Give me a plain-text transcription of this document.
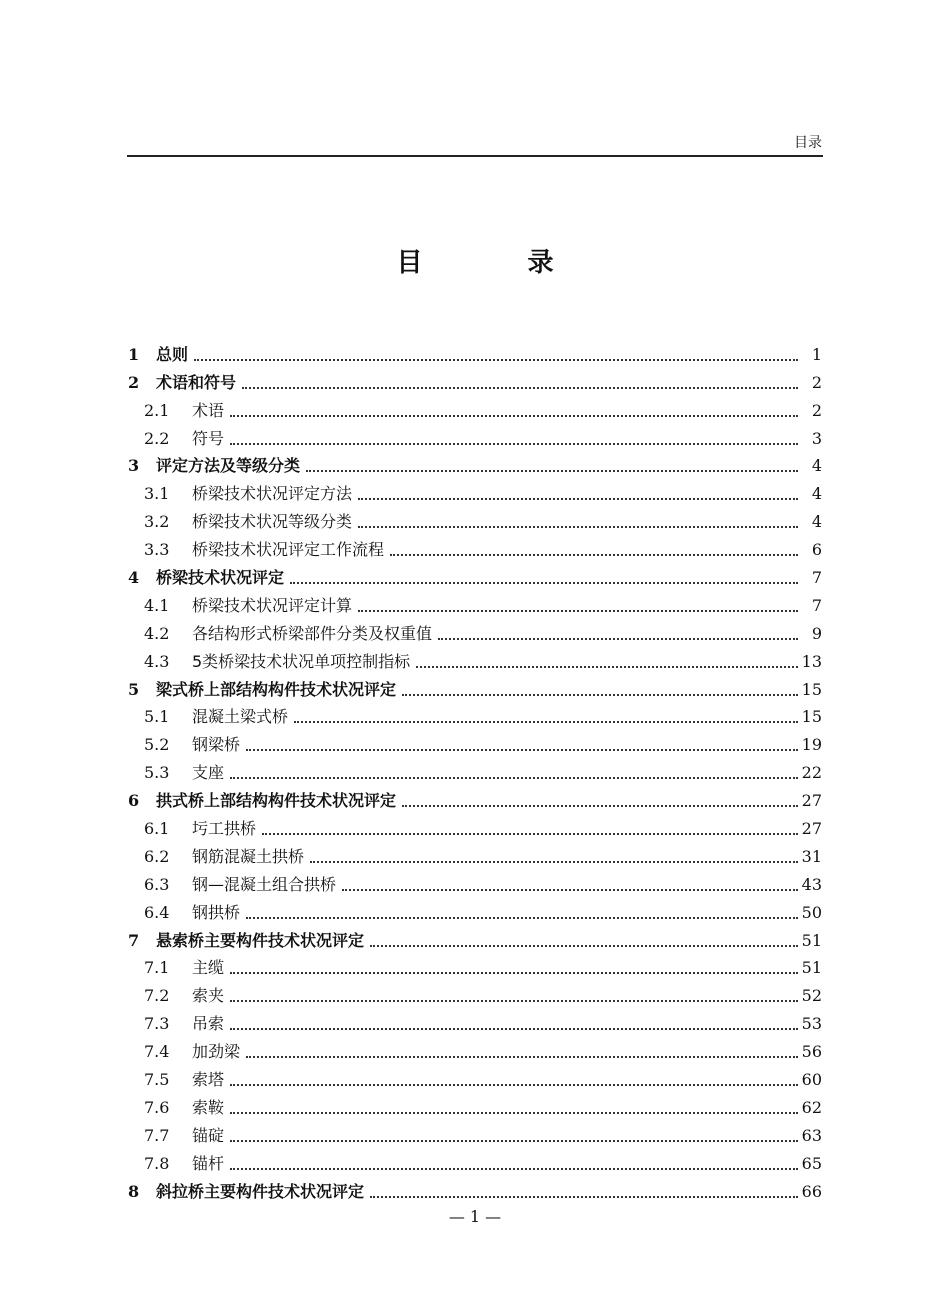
目录
目 录
1	总则	1
2	术语和符号	2
2.1	术语	2
2.2	符号	3
3	评定方法及等级分类	4
3.1	桥梁技术状况评定方法	4
3.2	桥梁技术状况等级分类	4
3.3	桥梁技术状况评定工作流程	6
4	桥梁技术状况评定	7
4.1	桥梁技术状况评定计算	7
4.2	各结构形式桥梁部件分类及权重值	9
4.3	5类桥梁技术状况单项控制指标	13
5	梁式桥上部结构构件技术状况评定	15
5.1	混凝土梁式桥	15
5.2	钢梁桥	19
5.3	支座	22
6	拱式桥上部结构构件技术状况评定	27
6.1	圬工拱桥	27
6.2	钢筋混凝土拱桥	31
6.3	钢—混凝土组合拱桥	43
6.4	钢拱桥	50
7	悬索桥主要构件技术状况评定	51
7.1	主缆	51
7.2	索夹	52
7.3	吊索	53
7.4	加劲梁	56
7.5	索塔	60
7.6	索鞍	62
7.7	锚碇	63
7.8	锚杆	65
8	斜拉桥主要构件技术状况评定	66
— 1 —
